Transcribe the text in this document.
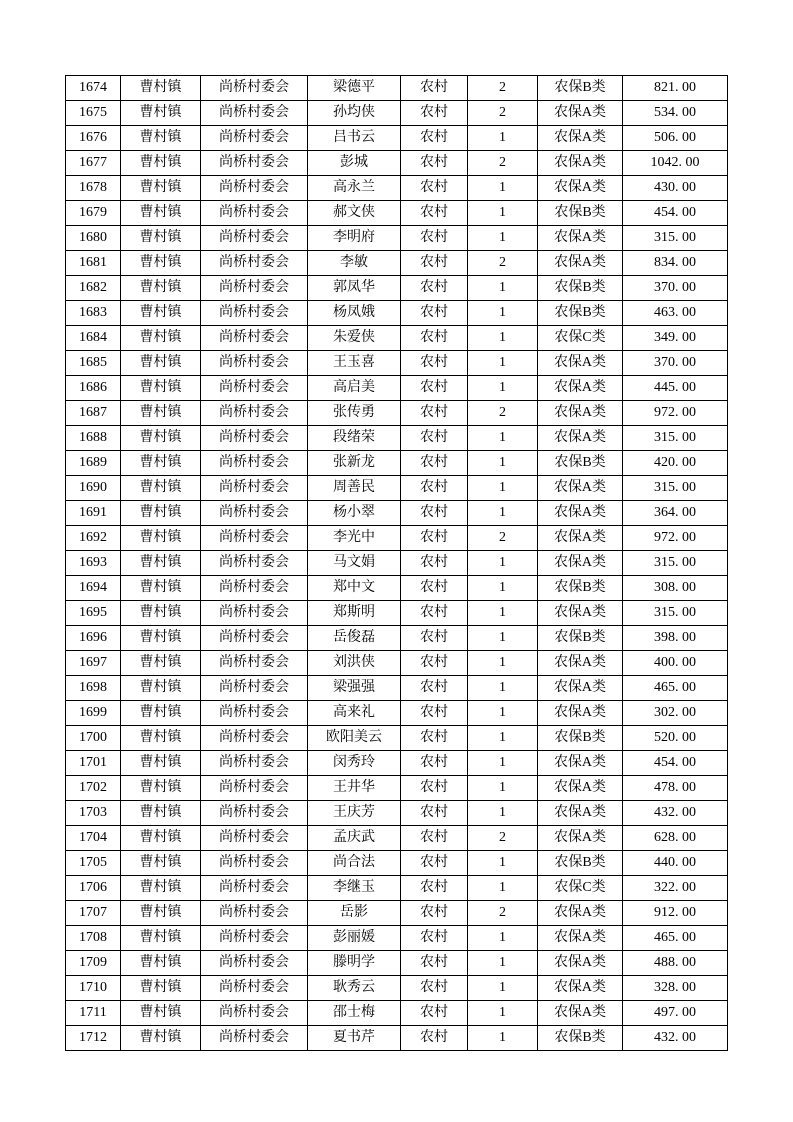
1674	曹村镇	尚桥村委会	梁德平	农村	2	农保B类	821. 00
1675	曹村镇	尚桥村委会	孙均侠	农村	2	农保A类	534. 00
1676	曹村镇	尚桥村委会	吕书云	农村	1	农保A类	506. 00
1677	曹村镇	尚桥村委会	彭城	农村	2	农保A类	1042. 00
1678	曹村镇	尚桥村委会	高永兰	农村	1	农保A类	430. 00
1679	曹村镇	尚桥村委会	郝文侠	农村	1	农保B类	454. 00
1680	曹村镇	尚桥村委会	李明府	农村	1	农保A类	315. 00
1681	曹村镇	尚桥村委会	李敏	农村	2	农保A类	834. 00
1682	曹村镇	尚桥村委会	郭凤华	农村	1	农保B类	370. 00
1683	曹村镇	尚桥村委会	杨凤娥	农村	1	农保B类	463. 00
1684	曹村镇	尚桥村委会	朱爱侠	农村	1	农保C类	349. 00
1685	曹村镇	尚桥村委会	王玉喜	农村	1	农保A类	370. 00
1686	曹村镇	尚桥村委会	高启美	农村	1	农保A类	445. 00
1687	曹村镇	尚桥村委会	张传勇	农村	2	农保A类	972. 00
1688	曹村镇	尚桥村委会	段绪荣	农村	1	农保A类	315. 00
1689	曹村镇	尚桥村委会	张新龙	农村	1	农保B类	420. 00
1690	曹村镇	尚桥村委会	周善民	农村	1	农保A类	315. 00
1691	曹村镇	尚桥村委会	杨小翠	农村	1	农保A类	364. 00
1692	曹村镇	尚桥村委会	李光中	农村	2	农保A类	972. 00
1693	曹村镇	尚桥村委会	马文娟	农村	1	农保A类	315. 00
1694	曹村镇	尚桥村委会	郑中文	农村	1	农保B类	308. 00
1695	曹村镇	尚桥村委会	郑斯明	农村	1	农保A类	315. 00
1696	曹村镇	尚桥村委会	岳俊磊	农村	1	农保B类	398. 00
1697	曹村镇	尚桥村委会	刘洪侠	农村	1	农保A类	400. 00
1698	曹村镇	尚桥村委会	梁强强	农村	1	农保A类	465. 00
1699	曹村镇	尚桥村委会	高来礼	农村	1	农保A类	302. 00
1700	曹村镇	尚桥村委会	欧阳美云	农村	1	农保B类	520. 00
1701	曹村镇	尚桥村委会	闵秀玲	农村	1	农保A类	454. 00
1702	曹村镇	尚桥村委会	王井华	农村	1	农保A类	478. 00
1703	曹村镇	尚桥村委会	王庆芳	农村	1	农保A类	432. 00
1704	曹村镇	尚桥村委会	孟庆武	农村	2	农保A类	628. 00
1705	曹村镇	尚桥村委会	尚合法	农村	1	农保B类	440. 00
1706	曹村镇	尚桥村委会	李继玉	农村	1	农保C类	322. 00
1707	曹村镇	尚桥村委会	岳影	农村	2	农保A类	912. 00
1708	曹村镇	尚桥村委会	彭丽媛	农村	1	农保A类	465. 00
1709	曹村镇	尚桥村委会	滕明学	农村	1	农保A类	488. 00
1710	曹村镇	尚桥村委会	耿秀云	农村	1	农保A类	328. 00
1711	曹村镇	尚桥村委会	邵士梅	农村	1	农保A类	497. 00
1712	曹村镇	尚桥村委会	夏书芹	农村	1	农保B类	432. 00
